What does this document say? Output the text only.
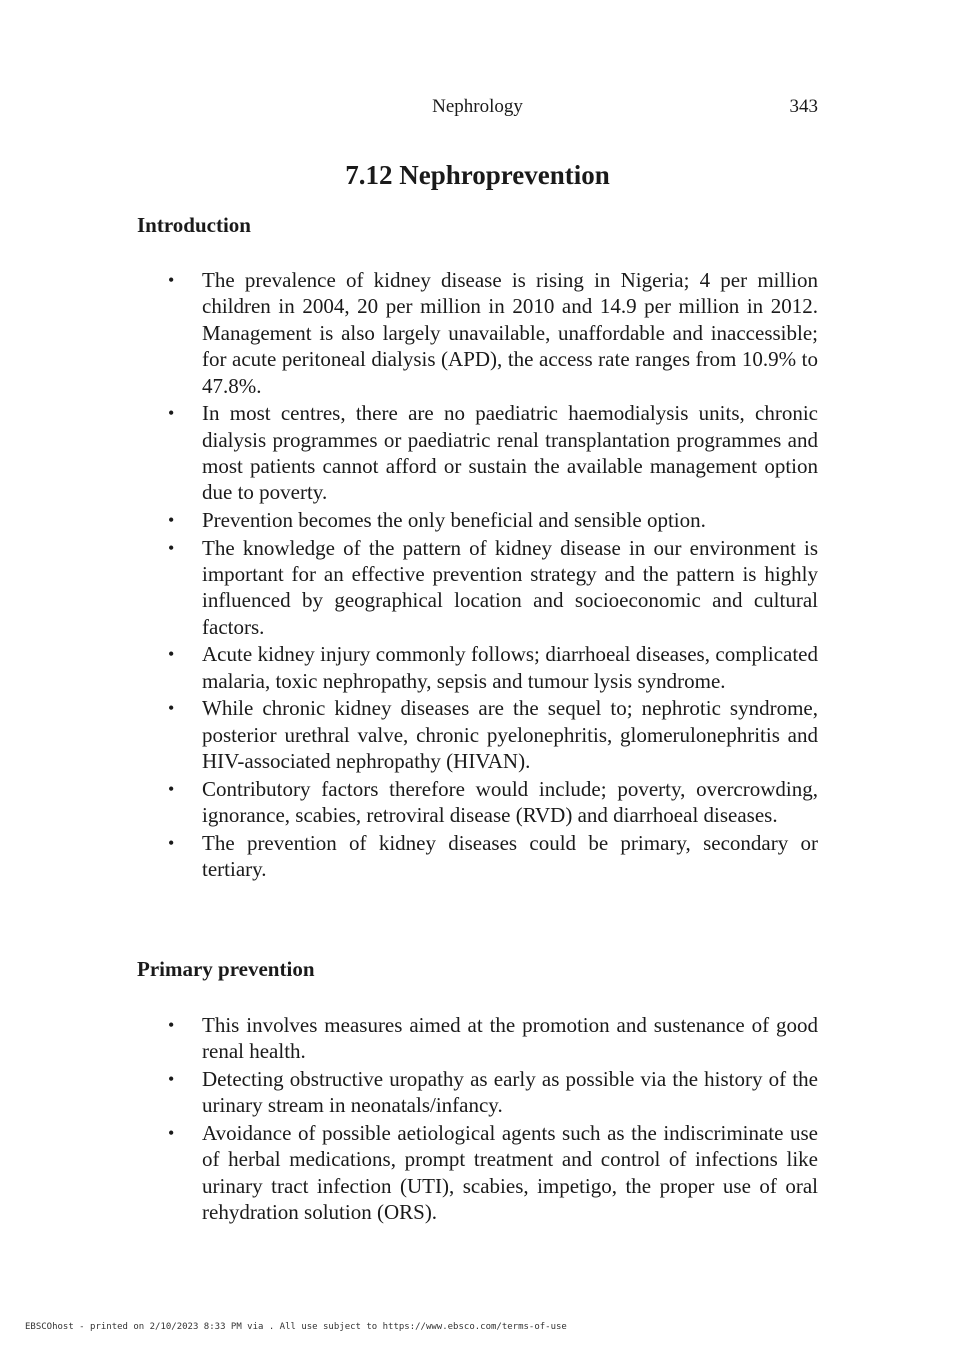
Nephrology	343
7.12 Nephroprevention
Introduction
• The prevalence of kidney disease is rising in Nigeria; 4 per million children in 2004, 20 per million in 2010 and 14.9 per million in 2012. Management is also largely unavailable, unaffordable and inaccessible; for acute peritoneal dialysis (APD), the access rate ranges from 10.9% to 47.8%.
• In most centres, there are no paediatric haemodialysis units, chronic dialysis programmes or paediatric renal transplantation programmes and most patients cannot afford or sustain the available management option due to poverty.
• Prevention becomes the only beneficial and sensible option.
• The knowledge of the pattern of kidney disease in our environment is important for an effective prevention strategy and the pattern is highly influenced by geographical location and socioeconomic and cultural factors.
• Acute kidney injury commonly follows; diarrhoeal diseases, complicated malaria, toxic nephropathy, sepsis and tumour lysis syndrome.
• While chronic kidney diseases are the sequel to; nephrotic syndrome, posterior urethral valve, chronic pyelonephritis, glomerulonephritis and HIV-associated nephropathy (HIVAN).
• Contributory factors therefore would include; poverty, overcrowding, ignorance, scabies, retroviral disease (RVD) and diarrhoeal diseases.
• The prevention of kidney diseases could be primary, secondary or tertiary.
Primary prevention
• This involves measures aimed at the promotion and sustenance of good renal health.
• Detecting obstructive uropathy as early as possible via the history of the urinary stream in neonatals/infancy.
• Avoidance of possible aetiological agents such as the indiscriminate use of herbal medications, prompt treatment and control of infections like urinary tract infection (UTI), scabies, impetigo, the proper use of oral rehydration solution (ORS).
EBSCOhost - printed on 2/10/2023 8:33 PM via . All use subject to https://www.ebsco.com/terms-of-use
